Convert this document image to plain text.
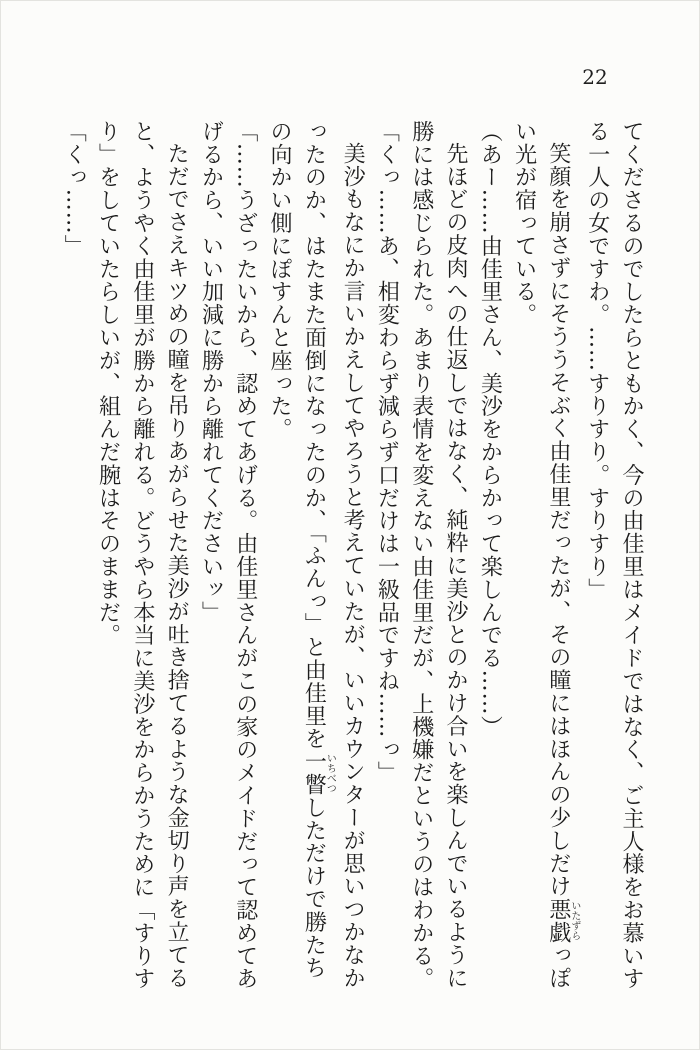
22
てくださるのでしたらともかく、今の由佳里はメイドではなく、ご主人様をお慕いす
る一人の女ですわ。……すりすり。すりすり」
笑顔を崩さずにそううそぶく由佳里だったが、その瞳にはほんの少しだけ悪戯いたずらっぽ
い光が宿っている。
（あー……由佳里さん、美沙をからかって楽しんでる……）
先ほどの皮肉への仕返しではなく、純粋に美沙とのかけ合いを楽しんでいるように
勝には感じられた。あまり表情を変えない由佳里だが、上機嫌だというのはわかる。
「くっ……あ、相変わらず減らず口だけは一級品ですね……っ」
美沙もなにか言いかえしてやろうと考えていたが、いいカウンターが思いつかなか
ったのか、はたまた面倒になったのか、「ふんっ」と由佳里を一瞥いちべつしただけで勝たち
の向かい側にぽすんと座った。
「……うざったいから、認めてあげる。由佳里さんがこの家のメイドだって認めてあ
げるから、いい加減に勝から離れてくださいッ」
ただでさえキツめの瞳を吊りあがらせた美沙が吐き捨てるような金切り声を立てる
と、ようやく由佳里が勝から離れる。どうやら本当に美沙をからかうために「すりす
り」をしていたらしいが、組んだ腕はそのままだ。
「くっ……」
